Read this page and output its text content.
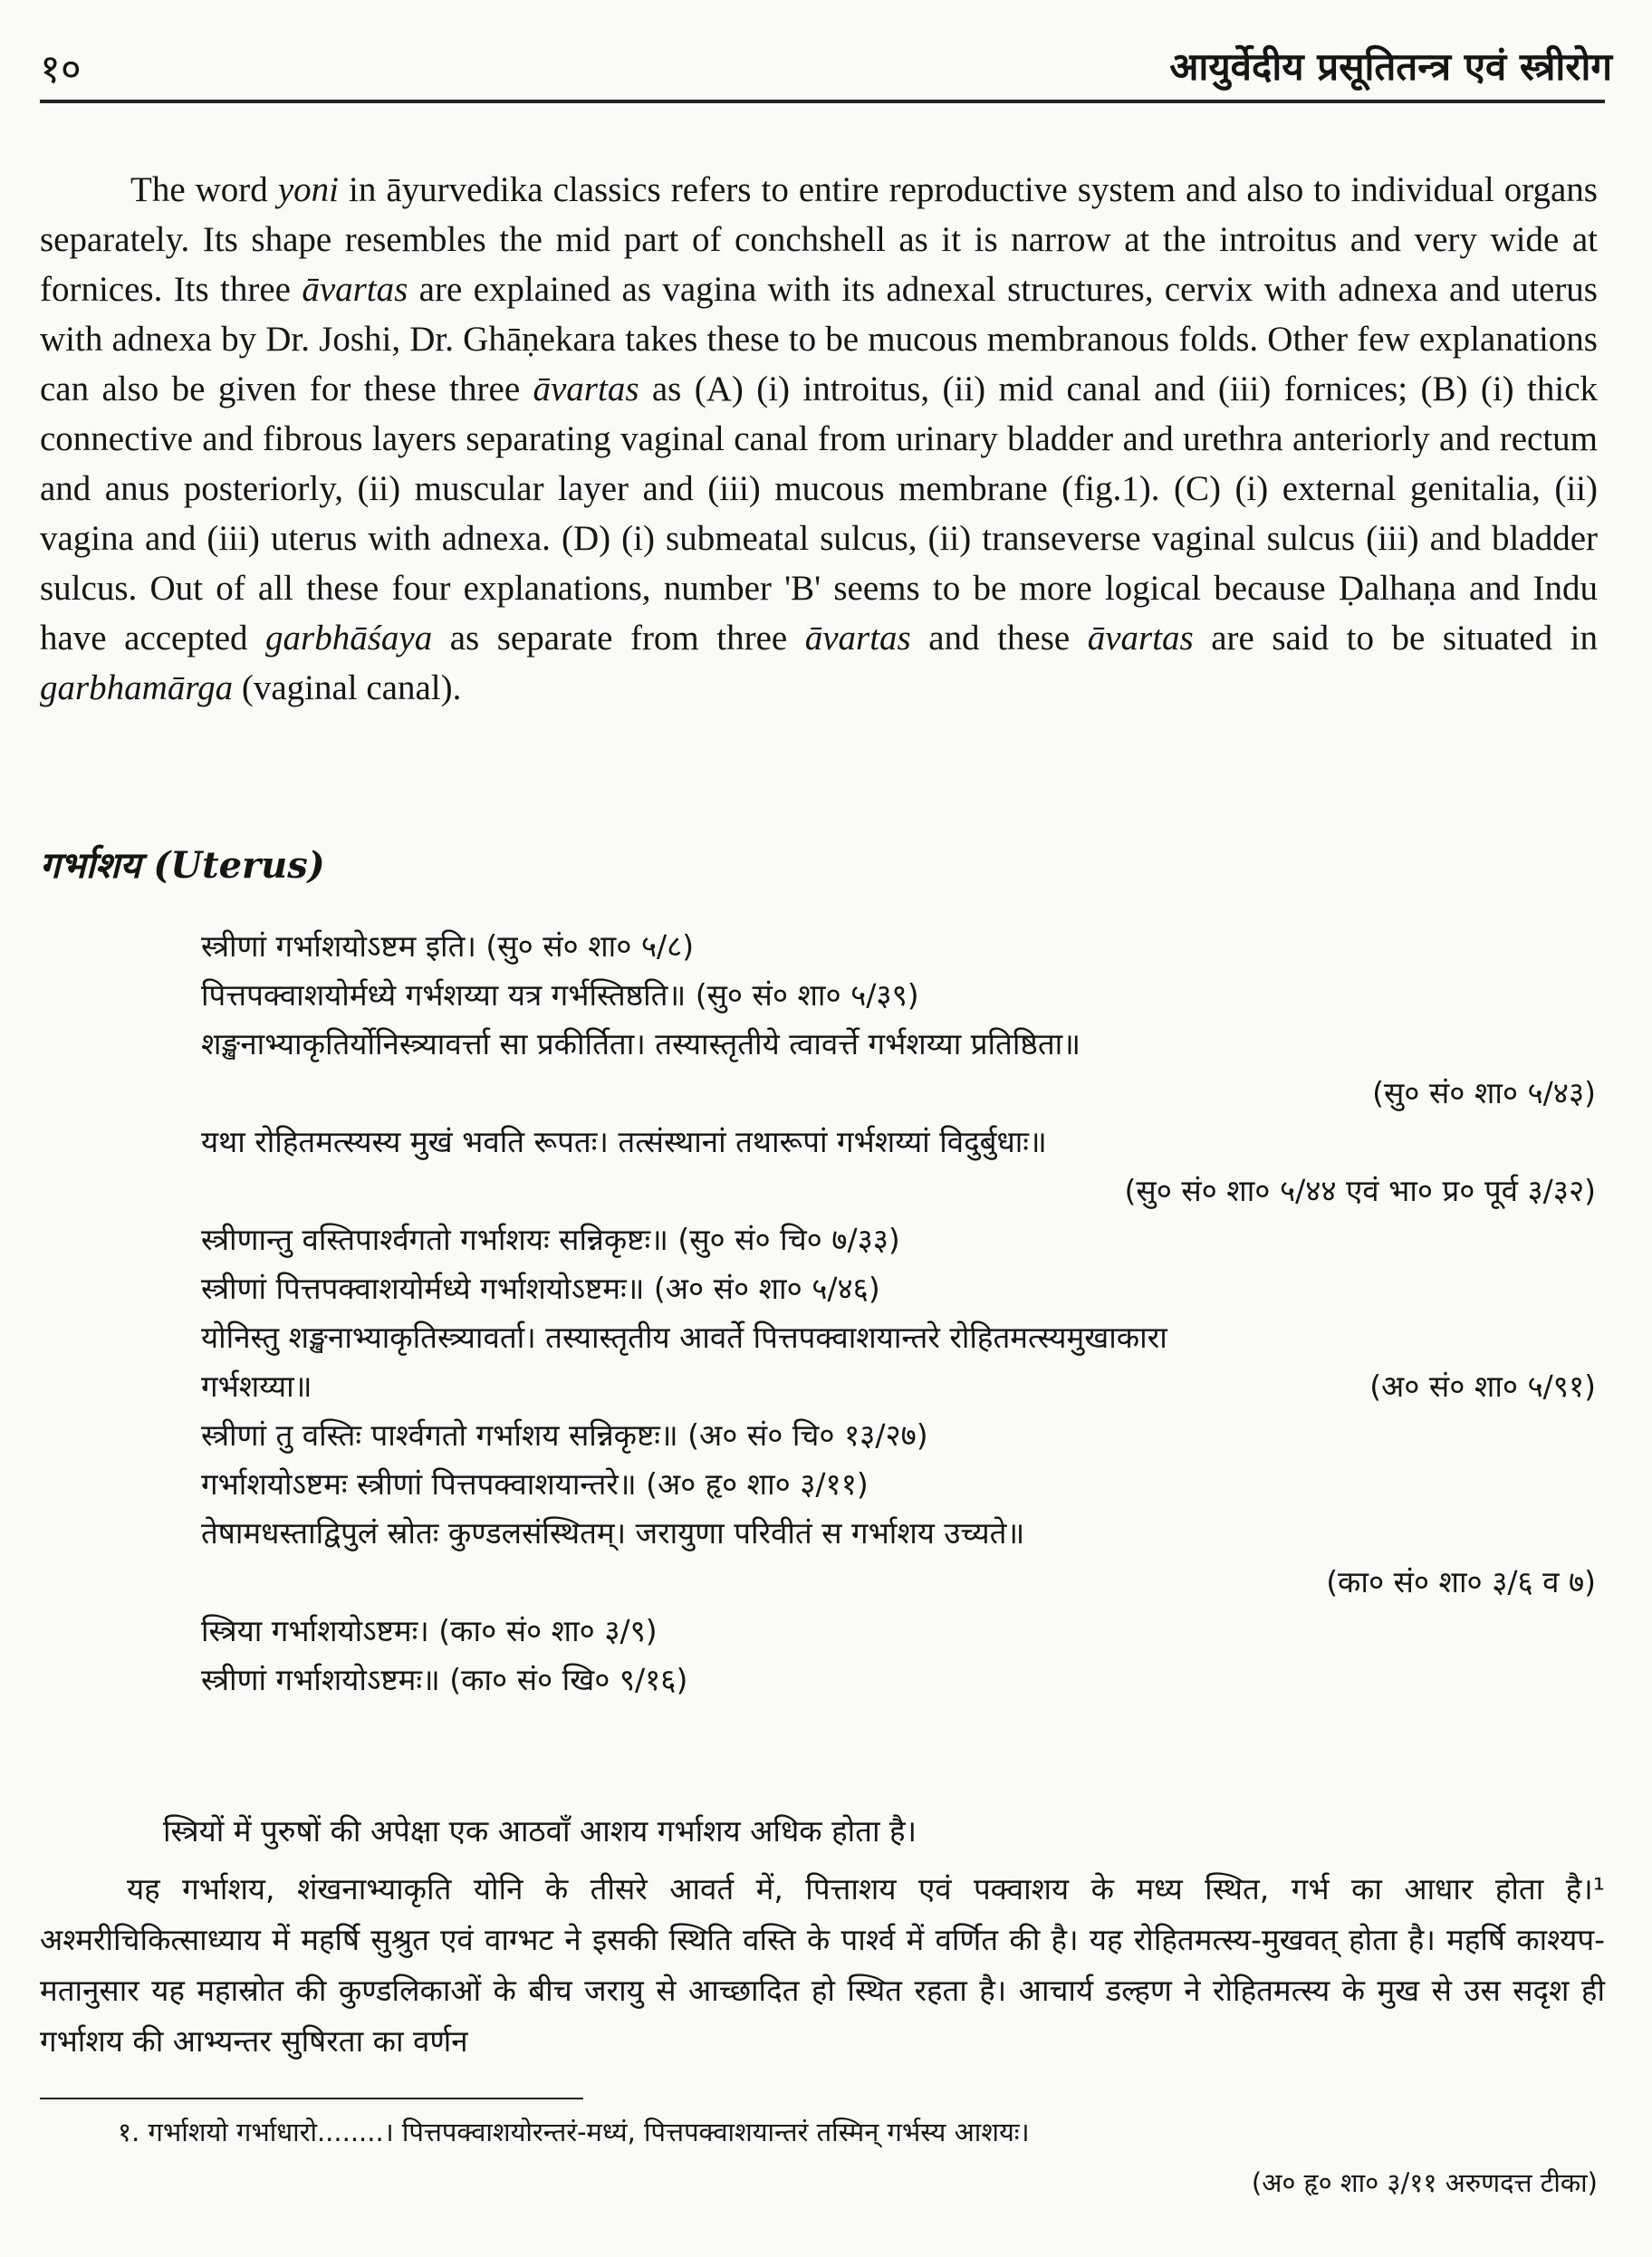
१०	आयुर्वेदीय प्रसूतितन्त्र एवं स्त्रीरोग

The word yoni in āyurvedika classics refers to entire reproductive system and also to individual organs separately. Its shape resembles the mid part of conchshell as it is narrow at the introitus and very wide at fornices. Its three āvartas are explained as vagina with its adnexal structures, cervix with adnexa and uterus with adnexa by Dr. Joshi, Dr. Ghāṇekara takes these to be mucous membranous folds. Other few explanations can also be given for these three āvartas as (A) (i) introitus, (ii) mid canal and (iii) fornices; (B) (i) thick connective and fibrous layers separating vaginal canal from urinary bladder and urethra anteriorly and rectum and anus posteriorly, (ii) muscular layer and (iii) mucous membrane (fig.1). (C) (i) external genitalia, (ii) vagina and (iii) uterus with adnexa. (D) (i) submeatal sulcus, (ii) transeverse vaginal sulcus (iii) and bladder sulcus. Out of all these four explanations, number 'B' seems to be more logical because Ḍalhaṇa and Indu have accepted garbhāśaya as separate from three āvartas and these āvartas are said to be situated in garbhamārga (vaginal canal).

गर्भाशय (Uterus)
स्त्रीणां गर्भाशयोऽष्टम इति। (सु० सं० शा० ५/८)
पित्तपक्वाशयोर्मध्ये गर्भशय्या यत्र गर्भस्तिष्ठति॥ (सु० सं० शा० ५/३९)
शङ्खनाभ्याकृतिर्योनिस्त्र्यावर्त्ता सा प्रकीर्तिता। तस्यास्तृतीये त्वावर्त्ते गर्भशय्या प्रतिष्ठिता॥
(सु० सं० शा० ५/४३)
यथा रोहितमत्स्यस्य मुखं भवति रूपतः। तत्संस्थानां तथारूपां गर्भशय्यां विदुर्बुधाः॥
(सु० सं० शा० ५/४४ एवं भा० प्र० पूर्व ३/३२)
स्त्रीणान्तु वस्तिपार्श्वगतो गर्भाशयः सन्निकृष्टः॥ (सु० सं० चि० ७/३३)
स्त्रीणां पित्तपक्वाशयोर्मध्ये गर्भाशयोऽष्टमः॥ (अ० सं० शा० ५/४६)
योनिस्तु शङ्खनाभ्याकृतिस्त्र्यावर्ता। तस्यास्तृतीय आवर्ते पित्तपक्वाशयान्तरे रोहितमत्स्यमुखाकारा
गर्भशय्या॥	(अ० सं० शा० ५/९१)
स्त्रीणां तु वस्तिः पार्श्वगतो गर्भाशय सन्निकृष्टः॥ (अ० सं० चि० १३/२७)
गर्भाशयोऽष्टमः स्त्रीणां पित्तपक्वाशयान्तरे॥ (अ० हृ० शा० ३/११)
तेषामधस्ताद्विपुलं स्रोतः कुण्डलसंस्थितम्। जरायुणा परिवीतं स गर्भाशय उच्यते॥
(का० सं० शा० ३/६ व ७)
स्त्रिया गर्भाशयोऽष्टमः। (का० सं० शा० ३/९)
स्त्रीणां गर्भाशयोऽष्टमः॥ (का० सं० खि० ९/१६)
स्त्रियों में पुरुषों की अपेक्षा एक आठवाँ आशय गर्भाशय अधिक होता है।

यह गर्भाशय, शंखनाभ्याकृति योनि के तीसरे आवर्त में, पित्ताशय एवं पक्वाशय के मध्य स्थित, गर्भ का आधार होता है।¹ अश्मरीचिकित्साध्याय में महर्षि सुश्रुत एवं वाग्भट ने इसकी स्थिति वस्ति के पार्श्व में वर्णित की है। यह रोहितमत्स्य-मुखवत् होता है। महर्षि काश्यप-मतानुसार यह महास्रोत की कुण्डलिकाओं के बीच जरायु से आच्छादित हो स्थित रहता है। आचार्य डल्हण ने रोहितमत्स्य के मुख से उस सदृश ही गर्भाशय की आभ्यन्तर सुषिरता का वर्णन

१. गर्भाशयो गर्भाधारो........। पित्तपक्वाशयोरन्तरं-मध्यं, पित्तपक्वाशयान्तरं तस्मिन् गर्भस्य आशयः।
(अ० हृ० शा० ३/११ अरुणदत्त टीका)
